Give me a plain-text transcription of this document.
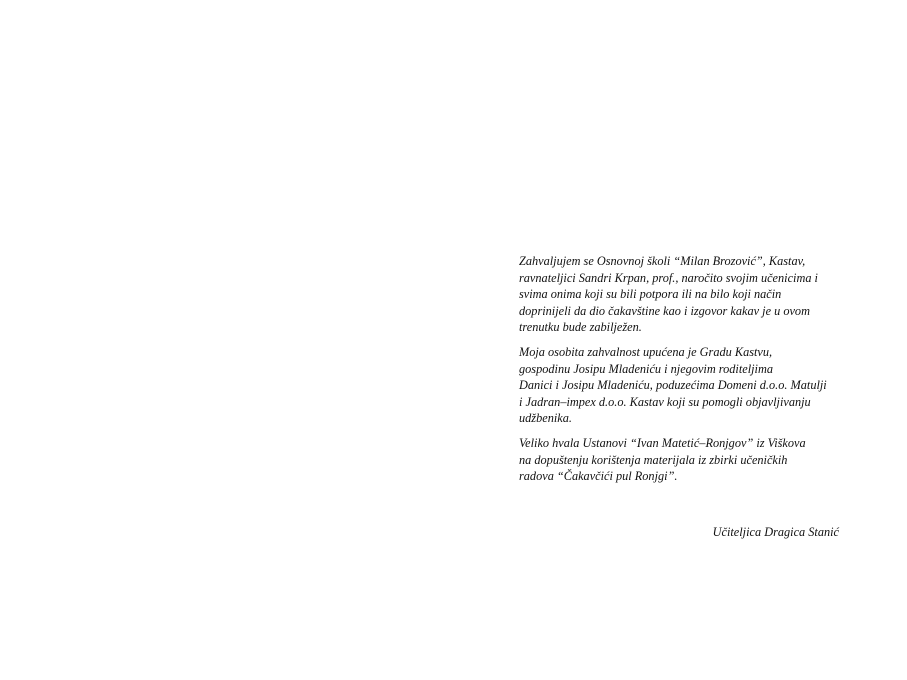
Zahvaljujem se Osnovnoj školi “Milan Brozović”, Kastav,
ravnateljici Sandri Krpan, prof., naročito svojim učenicima i
svima onima koji su bili potpora ili na bilo koji način
doprinijeli da dio čakavštine kao i izgovor kakav je u ovom
trenutku bude zabilježen.

Moja osobita zahvalnost upućena je Gradu Kastvu,
gospodinu Josipu Mladeniću i njegovim roditeljima
Danici i Josipu Mladeniću, poduzećima Domeni d.o.o. Matulji
i Jadran–impex d.o.o. Kastav koji su pomogli objavljivanju
udžbenika.

Veliko hvala Ustanovi “Ivan Matetić–Ronjgov” iz Viškova
na dopuštenju korištenja materijala iz zbirki učeničkih
radova “Čakavčići pul Ronjgi”.

Učiteljica Dragica Stanić
